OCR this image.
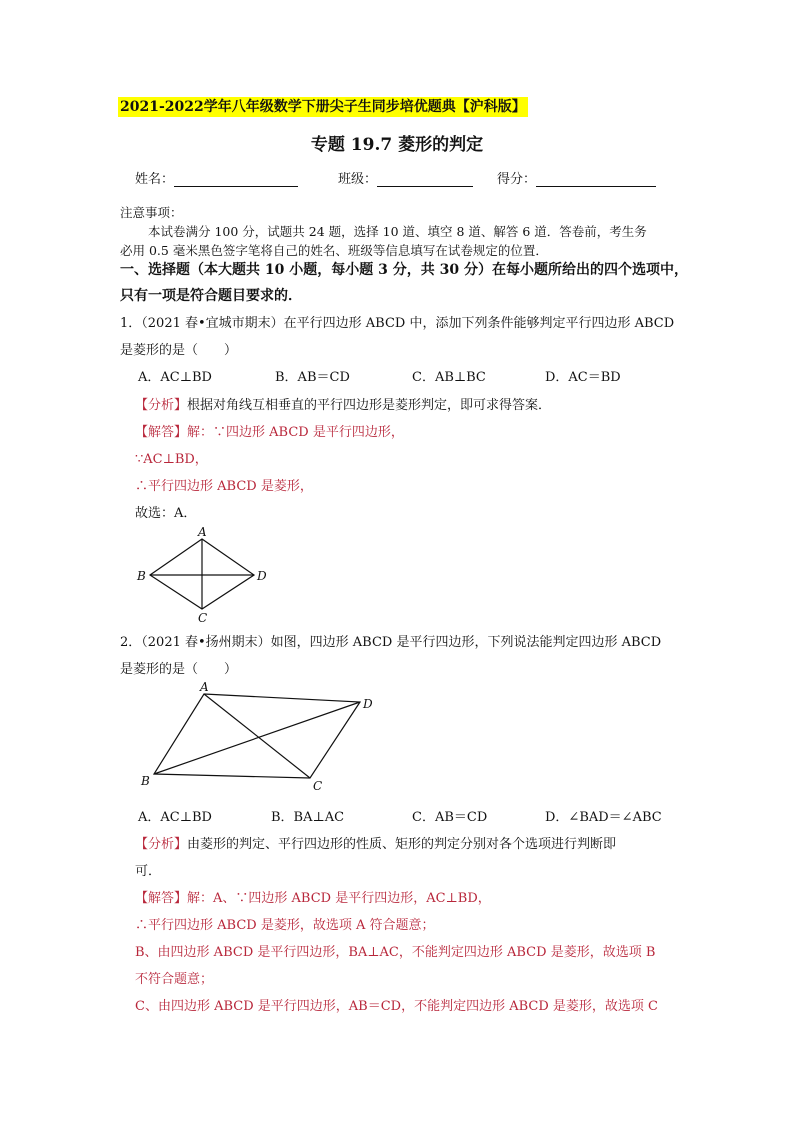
2021-2022学年八年级数学下册尖子生同步培优题典【沪科版】
专题 19.7 菱形的判定
姓名：	班级：	得分：
注意事项：
本试卷满分 100 分，试题共 24 题，选择 10 道、填空 8 道、解答 6 道．答卷前，考生务
必用 0.5 毫米黑色签字笔将自己的姓名、班级等信息填写在试卷规定的位置．
一、选择题（本大题共 10 小题，每小题 3 分，共 30 分）在每小题所给出的四个选项中，
只有一项是符合题目要求的．
1．（2021 春•宜城市期末）在平行四边形 ABCD 中，添加下列条件能够判定平行四边形 ABCD
是菱形的是（　　）
A．AC⊥BD	B．AB＝CD	C．AB⊥BC	D．AC＝BD
【分析】根据对角线互相垂直的平行四边形是菱形判定，即可求得答案．
【解答】解：∵四边形 ABCD 是平行四边形，
∵AC⊥BD，
∴平行四边形 ABCD 是菱形，
故选：A．
A
B
C
D
2．（2021 春•扬州期末）如图，四边形 ABCD 是平行四边形，下列说法能判定四边形 ABCD
是菱形的是（　　）
A
B	C
D
A．AC⊥BD	B．BA⊥AC	C．AB＝CD	D．∠BAD＝∠ABC
【分析】由菱形的判定、平行四边形的性质、矩形的判定分别对各个选项进行判断即
可．
【解答】解：A、∵四边形 ABCD 是平行四边形，AC⊥BD，
∴平行四边形 ABCD 是菱形，故选项 A 符合题意；
B、由四边形 ABCD 是平行四边形，BA⊥AC，不能判定四边形 ABCD 是菱形，故选项 B
不符合题意；
C、由四边形 ABCD 是平行四边形，AB＝CD，不能判定四边形 ABCD 是菱形，故选项 C
